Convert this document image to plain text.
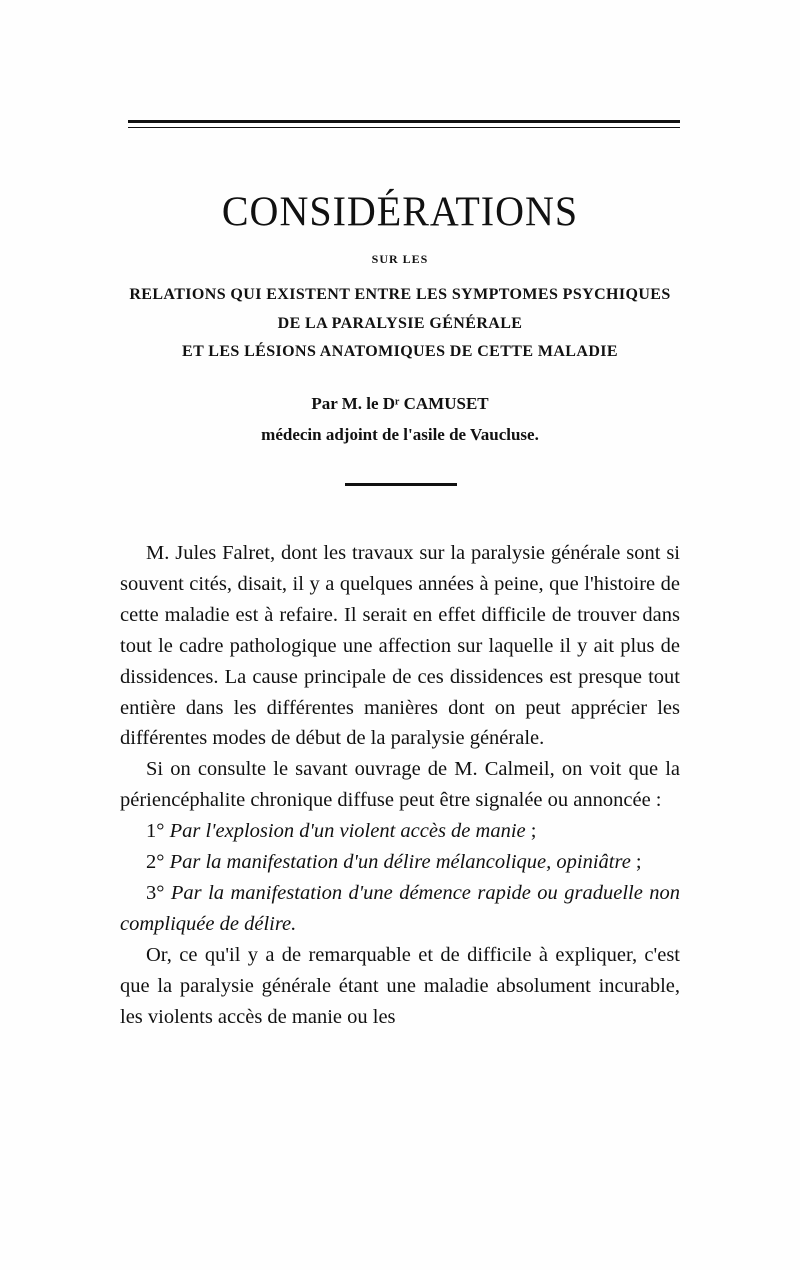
CONSIDÉRATIONS
SUR LES
RELATIONS QUI EXISTENT ENTRE LES SYMPTOMES PSYCHIQUES
DE LA PARALYSIE GÉNÉRALE
ET LES LÉSIONS ANATOMIQUES DE CETTE MALADIE
Par M. le Dʳ CAMUSET
médecin adjoint de l'asile de Vaucluse.

M. Jules Falret, dont les travaux sur la paralysie générale sont si souvent cités, disait, il y a quelques années à peine, que l'histoire de cette maladie est à refaire. Il serait en effet difficile de trouver dans tout le cadre pathologique une affection sur laquelle il y ait plus de dissidences. La cause principale de ces dissidences est presque tout entière dans les différentes manières dont on peut apprécier les différentes modes de début de la paralysie générale.

Si on consulte le savant ouvrage de M. Calmeil, on voit que la périencéphalite chronique diffuse peut être signalée ou annoncée :

1° Par l'explosion d'un violent accès de manie ;

2° Par la manifestation d'un délire mélancolique, opiniâtre ;

3° Par la manifestation d'une démence rapide ou graduelle non compliquée de délire.

Or, ce qu'il y a de remarquable et de difficile à expliquer, c'est que la paralysie générale étant une maladie absolument incurable, les violents accès de manie ou les
